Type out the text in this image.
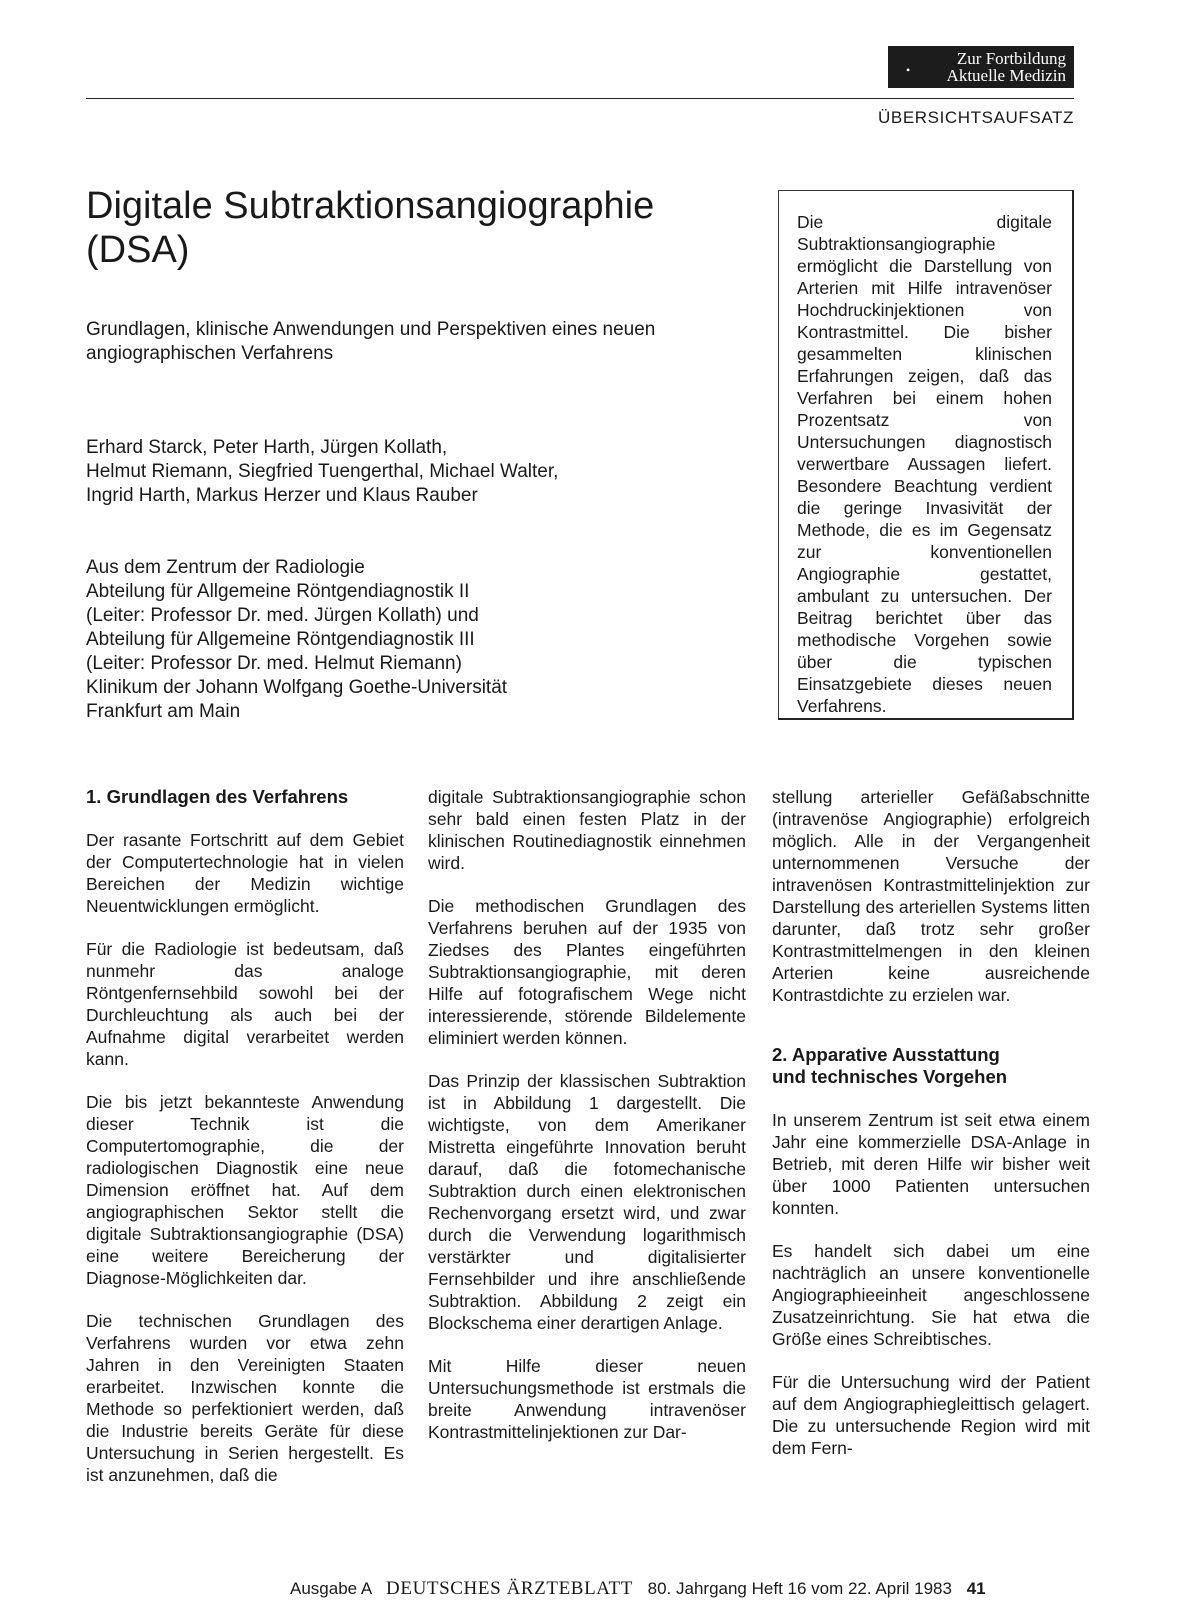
•
Zur Fortbildung
Aktuelle Medizin
ÜBERSICHTSAUFSATZ
Digitale Subtraktionsangiographie (DSA)
Grundlagen, klinische Anwendungen und Perspektiven eines neuen angiographischen Verfahrens
Erhard Starck, Peter Harth, Jürgen Kollath,
Helmut Riemann, Siegfried Tuengerthal, Michael Walter,
Ingrid Harth, Markus Herzer und Klaus Rauber
Aus dem Zentrum der Radiologie
Abteilung für Allgemeine Röntgendiagnostik II
(Leiter: Professor Dr. med. Jürgen Kollath) und
Abteilung für Allgemeine Röntgendiagnostik III
(Leiter: Professor Dr. med. Helmut Riemann)
Klinikum der Johann Wolfgang Goethe-Universität
Frankfurt am Main
Die digitale Subtraktionsangiographie ermöglicht die Darstellung von Arterien mit Hilfe intravenöser Hochdruckinjektionen von Kontrastmittel. Die bisher gesammelten klinischen Erfahrungen zeigen, daß das Verfahren bei einem hohen Prozentsatz von Untersuchungen diagnostisch verwertbare Aussagen liefert. Besondere Beachtung verdient die geringe Invasivität der Methode, die es im Gegensatz zur konventionellen Angiographie gestattet, ambulant zu untersuchen. Der Beitrag berichtet über das methodische Vorgehen sowie über die typischen Einsatzgebiete dieses neuen Verfahrens.
1. Grundlagen des Verfahrens

Der rasante Fortschritt auf dem Gebiet der Computertechnologie hat in vielen Bereichen der Medizin wichtige Neuentwicklungen ermöglicht.

Für die Radiologie ist bedeutsam, daß nunmehr das analoge Röntgenfernsehbild sowohl bei der Durchleuchtung als auch bei der Aufnahme digital verarbeitet werden kann.

Die bis jetzt bekannteste Anwendung dieser Technik ist die Computertomographie, die der radiologischen Diagnostik eine neue Dimension eröffnet hat. Auf dem angiographischen Sektor stellt die digitale Subtraktionsangiographie (DSA) eine weitere Bereicherung der Diagnose-Möglichkeiten dar.

Die technischen Grundlagen des Verfahrens wurden vor etwa zehn Jahren in den Vereinigten Staaten erarbeitet. Inzwischen konnte die Methode so perfektioniert werden, daß die Industrie bereits Geräte für diese Untersuchung in Serien hergestellt. Es ist anzunehmen, daß die

digitale Subtraktionsangiographie schon sehr bald einen festen Platz in der klinischen Routinediagnostik einnehmen wird.

Die methodischen Grundlagen des Verfahrens beruhen auf der 1935 von Ziedses des Plantes eingeführten Subtraktionsangiographie, mit deren Hilfe auf fotografischem Wege nicht interessierende, störende Bildelemente eliminiert werden können.

Das Prinzip der klassischen Subtraktion ist in Abbildung 1 dargestellt. Die wichtigste, von dem Amerikaner Mistretta eingeführte Innovation beruht darauf, daß die fotomechanische Subtraktion durch einen elektronischen Rechenvorgang ersetzt wird, und zwar durch die Verwendung logarithmisch verstärkter und digitalisierter Fernsehbilder und ihre anschließende Subtraktion. Abbildung 2 zeigt ein Blockschema einer derartigen Anlage.

Mit Hilfe dieser neuen Untersuchungsmethode ist erstmals die breite Anwendung intravenöser Kontrastmittelinjektionen zur Dar-

stellung arterieller Gefäßabschnitte (intravenöse Angiographie) erfolgreich möglich. Alle in der Vergangenheit unternommenen Versuche der intravenösen Kontrastmittelinjektion zur Darstellung des arteriellen Systems litten darunter, daß trotz sehr großer Kontrastmittelmengen in den kleinen Arterien keine ausreichende Kontrastdichte zu erzielen war.

2. Apparative Ausstattung
und technisches Vorgehen

In unserem Zentrum ist seit etwa einem Jahr eine kommerzielle DSA-Anlage in Betrieb, mit deren Hilfe wir bisher weit über 1000 Patienten untersuchen konnten.

Es handelt sich dabei um eine nachträglich an unsere konventionelle Angiographieeinheit angeschlossene Zusatzeinrichtung. Sie hat etwa die Größe eines Schreibtisches.

Für die Untersuchung wird der Patient auf dem Angiographiegleittisch gelagert. Die zu untersuchende Region wird mit dem Fern-

Ausgabe A DEUTSCHES ÄRZTEBLATT 80. Jahrgang Heft 16 vom 22. April 1983 41
